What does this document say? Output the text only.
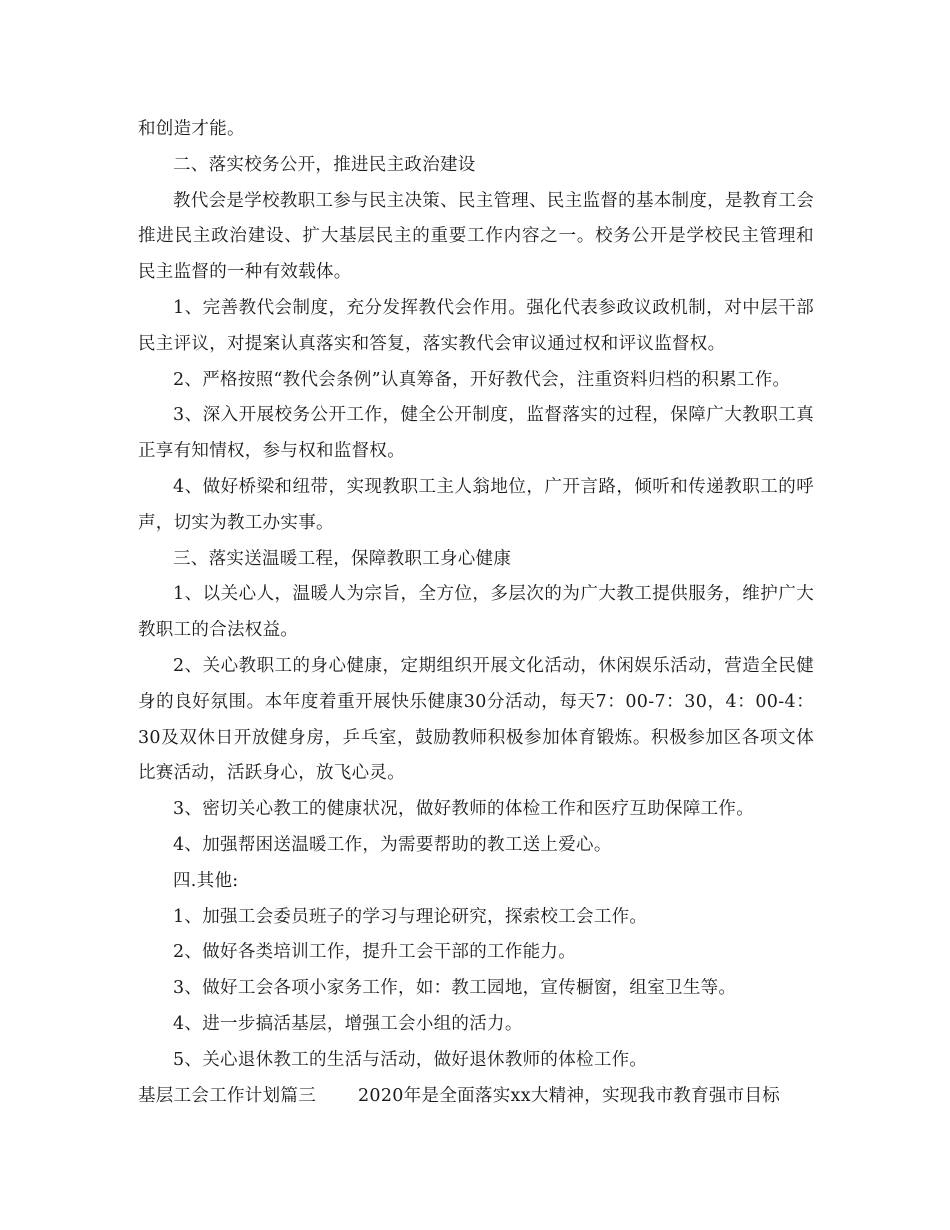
和创造才能。

二、落实校务公开，推进民主政治建设

教代会是学校教职工参与民主决策、民主管理、民主监督的基本制度，是教育工会推进民主政治建设、扩大基层民主的重要工作内容之一。校务公开是学校民主管理和民主监督的一种有效载体。

1、完善教代会制度，充分发挥教代会作用。强化代表参政议政机制，对中层干部民主评议，对提案认真落实和答复，落实教代会审议通过权和评议监督权。

2、严格按照“教代会条例”认真筹备，开好教代会，注重资料归档的积累工作。

3、深入开展校务公开工作，健全公开制度，监督落实的过程，保障广大教职工真正享有知情权，参与权和监督权。

4、做好桥梁和纽带，实现教职工主人翁地位，广开言路，倾听和传递教职工的呼声，切实为教工办实事。

三、落实送温暖工程，保障教职工身心健康

1、以关心人，温暖人为宗旨，全方位，多层次的为广大教工提供服务，维护广大教职工的合法权益。

2、关心教职工的身心健康，定期组织开展文化活动，休闲娱乐活动，营造全民健身的良好氛围。本年度着重开展快乐健康30分活动，每天7：00-7：30，4：00-4：30及双休日开放健身房，乒乓室，鼓励教师积极参加体育锻炼。积极参加区各项文体比赛活动，活跃身心，放飞心灵。

3、密切关心教工的健康状况，做好教师的体检工作和医疗互助保障工作。

4、加强帮困送温暖工作，为需要帮助的教工送上爱心。

四.其他:

1、加强工会委员班子的学习与理论研究，探索校工会工作。

2、做好各类培训工作，提升工会干部的工作能力。

3、做好工会各项小家务工作，如：教工园地，宣传橱窗，组室卫生等。

4、进一步搞活基层，增强工会小组的活力。

5、关心退休教工的生活与活动，做好退休教师的体检工作。

基层工会工作计划篇三 2020年是全面落实xx大精神，实现我市教育强市目标
